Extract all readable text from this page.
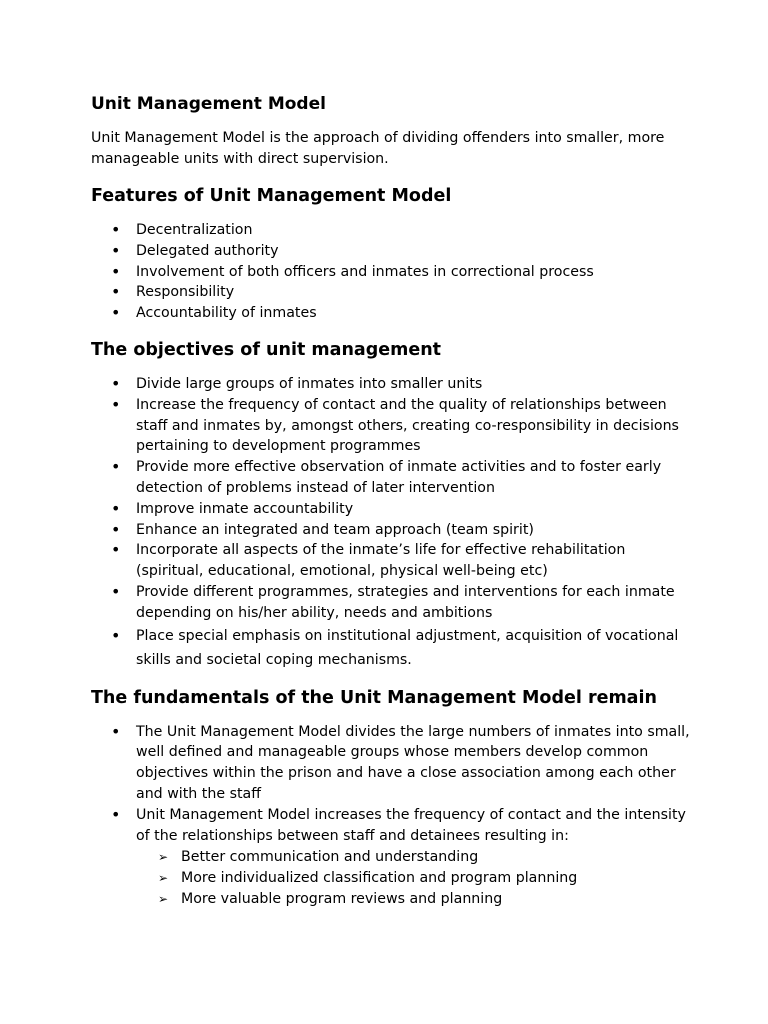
Unit Management Model

Unit Management Model is the approach of dividing offenders into smaller, more manageable units with direct supervision.

Features of Unit Management Model
• Decentralization
• Delegated authority
• Involvement of both officers and inmates in correctional process
• Responsibility
• Accountability of inmates
The objectives of unit management
• Divide large groups of inmates into smaller units
• Increase the frequency of contact and the quality of relationships between staff and inmates by, amongst others, creating co-responsibility in decisions pertaining to development programmes
• Provide more effective observation of inmate activities and to foster early detection of problems instead of later intervention
• Improve inmate accountability
• Enhance an integrated and team approach (team spirit)
• Incorporate all aspects of the inmate’s life for effective rehabilitation (spiritual, educational, emotional, physical well-being etc)
• Provide different programmes, strategies and interventions for each inmate depending on his/her ability, needs and ambitions
• Place special emphasis on institutional adjustment, acquisition of vocational skills and societal coping mechanisms.
The fundamentals of the Unit Management Model remain
• The Unit Management Model divides the large numbers of inmates into small, well defined and manageable groups whose members develop common objectives within the prison and have a close association among each other and with the staff
• Unit Management Model increases the frequency of contact and the intensity of the relationships between staff and detainees resulting in:
➢ Better communication and understanding
➢ More individualized classification and program planning
➢ More valuable program reviews and planning
